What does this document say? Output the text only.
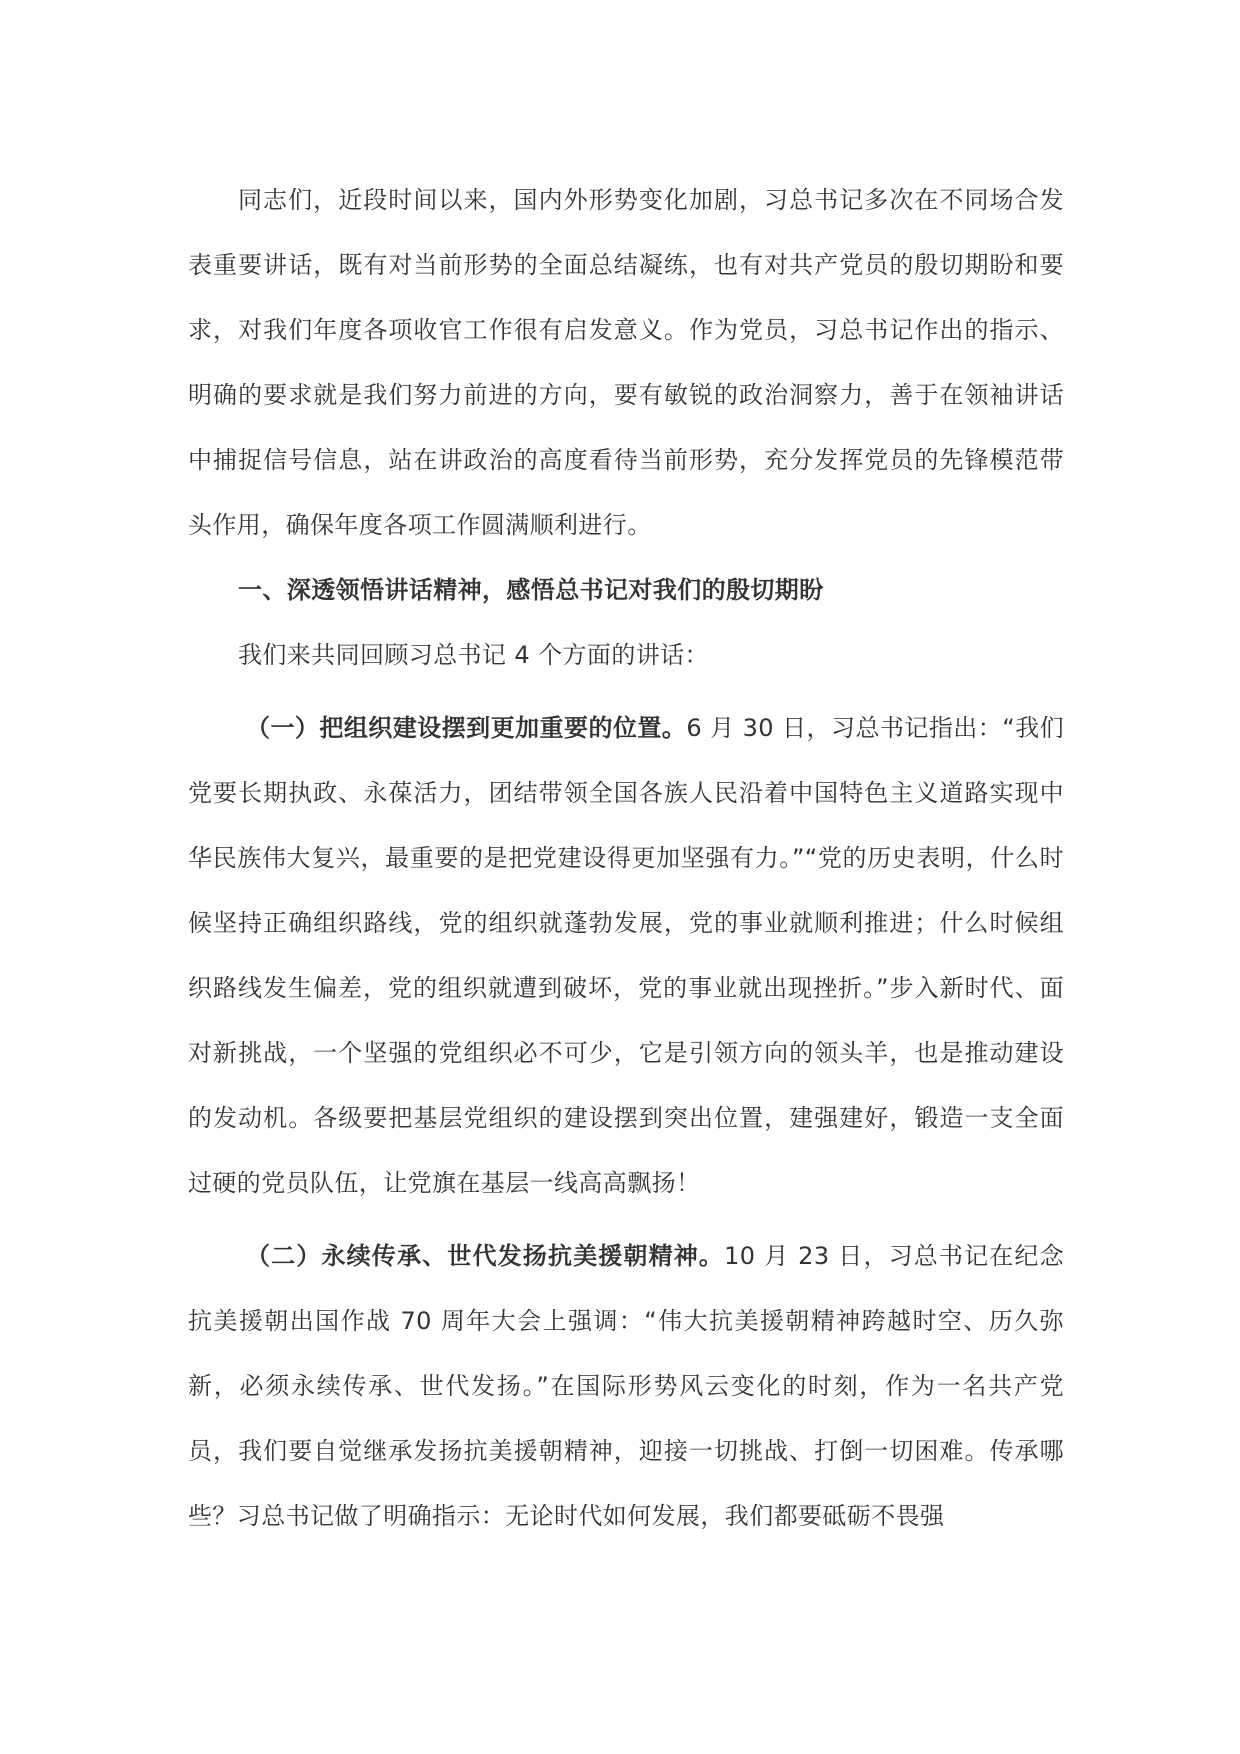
同志们，近段时间以来，国内外形势变化加剧，习总书记多次在不同场合发表重要讲话，既有对当前形势的全面总结凝练，也有对共产党员的殷切期盼和要求，对我们年度各项收官工作很有启发意义。作为党员，习总书记作出的指示、明确的要求就是我们努力前进的方向，要有敏锐的政治洞察力，善于在领袖讲话中捕捉信号信息，站在讲政治的高度看待当前形势，充分发挥党员的先锋模范带头作用，确保年度各项工作圆满顺利进行。

一、深透领悟讲话精神，感悟总书记对我们的殷切期盼

我们来共同回顾习总书记 4 个方面的讲话：

（一）把组织建设摆到更加重要的位置。6 月 30 日，习总书记指出：“我们党要长期执政、永葆活力，团结带领全国各族人民沿着中国特色主义道路实现中华民族伟大复兴，最重要的是把党建设得更加坚强有力。”“党的历史表明，什么时候坚持正确组织路线，党的组织就蓬勃发展，党的事业就顺利推进；什么时候组织路线发生偏差，党的组织就遭到破坏，党的事业就出现挫折。”步入新时代、面对新挑战，一个坚强的党组织必不可少，它是引领方向的领头羊，也是推动建设的发动机。各级要把基层党组织的建设摆到突出位置，建强建好，锻造一支全面过硬的党员队伍，让党旗在基层一线高高飘扬！

（二）永续传承、世代发扬抗美援朝精神。10 月 23 日，习总书记在纪念抗美援朝出国作战 70 周年大会上强调：“伟大抗美援朝精神跨越时空、历久弥新，必须永续传承、世代发扬。”在国际形势风云变化的时刻，作为一名共产党员，我们要自觉继承发扬抗美援朝精神，迎接一切挑战、打倒一切困难。传承哪些？习总书记做了明确指示：无论时代如何发展，我们都要砥砺不畏强
